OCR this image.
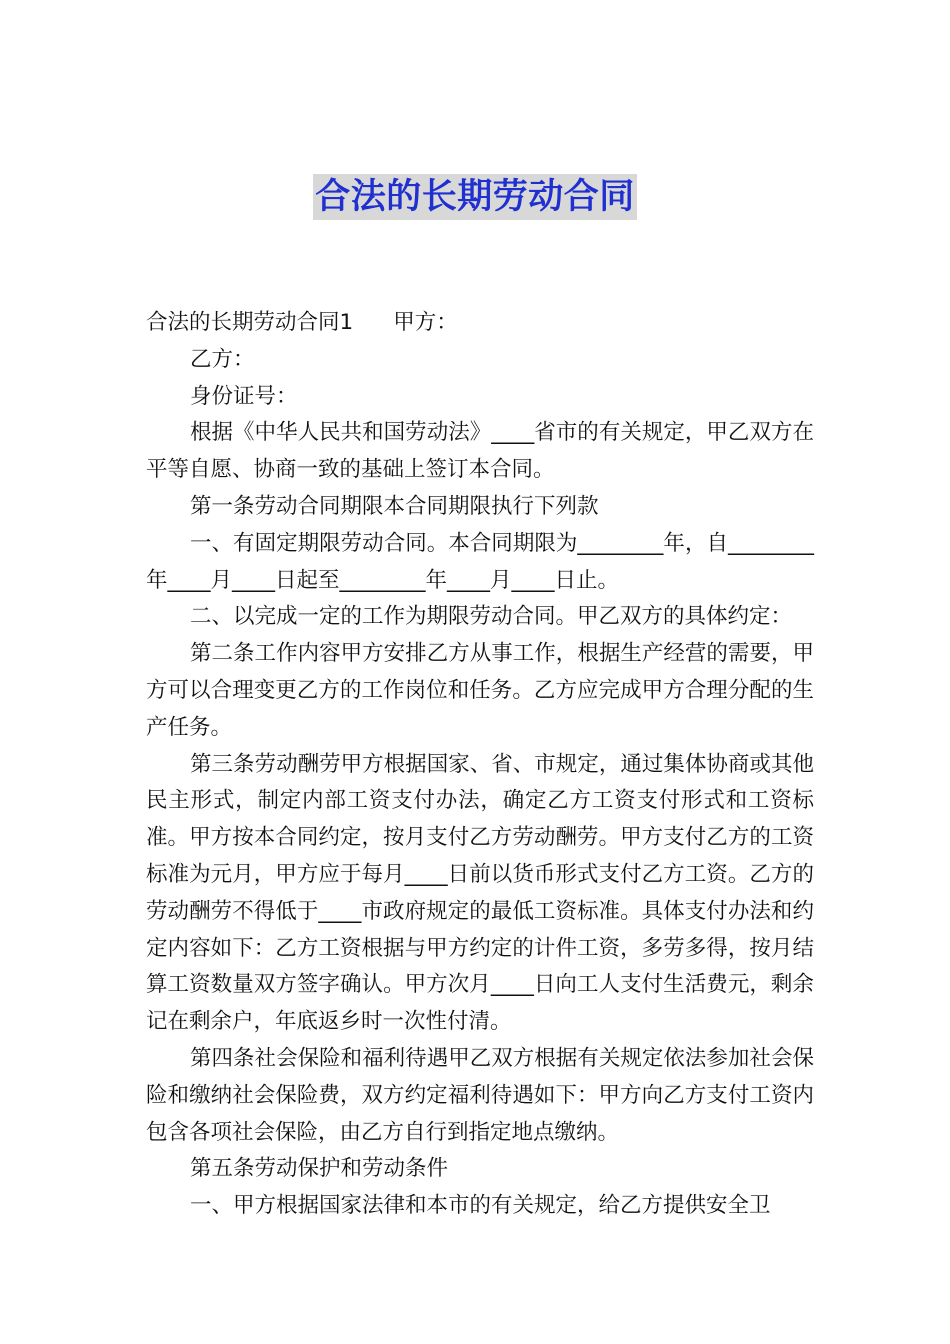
合法的长期劳动合同

合法的长期劳动合同1 甲方：

乙方：

身份证号：

根据《中华人民共和国劳动法》____省市的有关规定，甲乙双方在平等自愿、协商一致的基础上签订本合同。

第一条劳动合同期限本合同期限执行下列款

一、有固定期限劳动合同。本合同期限为________年，自________年____月____日起至________年____月____日止。

二、以完成一定的工作为期限劳动合同。甲乙双方的具体约定：

第二条工作内容甲方安排乙方从事工作，根据生产经营的需要，甲方可以合理变更乙方的工作岗位和任务。乙方应完成甲方合理分配的生产任务。

第三条劳动酬劳甲方根据国家、省、市规定，通过集体协商或其他民主形式，制定内部工资支付办法，确定乙方工资支付形式和工资标准。甲方按本合同约定，按月支付乙方劳动酬劳。甲方支付乙方的工资标准为元月，甲方应于每月____日前以货币形式支付乙方工资。乙方的劳动酬劳不得低于____市政府规定的最低工资标准。具体支付办法和约定内容如下：乙方工资根据与甲方约定的计件工资，多劳多得，按月结算工资数量双方签字确认。甲方次月____日向工人支付生活费元，剩余记在剩余户，年底返乡时一次性付清。

第四条社会保险和福利待遇甲乙双方根据有关规定依法参加社会保险和缴纳社会保险费，双方约定福利待遇如下：甲方向乙方支付工资内包含各项社会保险，由乙方自行到指定地点缴纳。

第五条劳动保护和劳动条件

一、甲方根据国家法律和本市的有关规定，给乙方提供安全卫
